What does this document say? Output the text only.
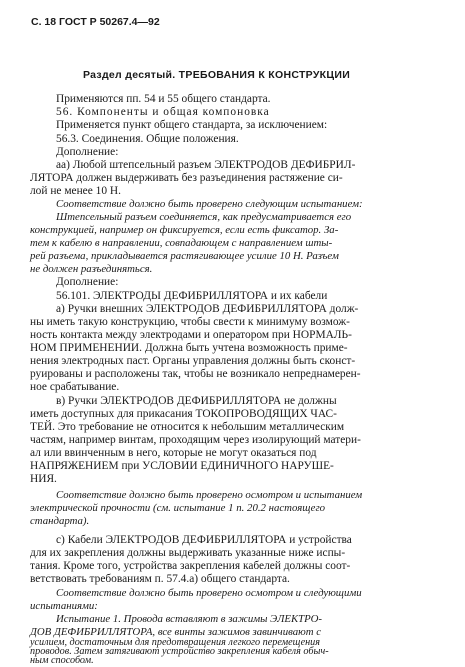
С. 18 ГОСТ Р 50267.4—92
Раздел десятый. ТРЕБОВАНИЯ К КОНСТРУКЦИИ
Применяются пп. 54 и 55 общего стандарта.
56. Компоненты и общая компоновка
Применяется пункт общего стандарта, за исключением:
56.3. Соединения. Общие положения.
Дополнение:
аа) Любой штепсельный разъем ЭЛЕКТРОДОВ ДЕФИБРИЛ-
ЛЯТОРА должен выдерживать без разъединения растяжение си-
лой не менее 10 Н.
Соответствие должно быть проверено следующим испытанием:
Штепсельный разъем соединяется, как предусматривается его
конструкцией, например он фиксируется, если есть фиксатор. За-
тем к кабелю в направлении, совпадающем с направлением шты-
рей разъема, прикладывается растягивающее усилие 10 Н. Разъем
не должен разъединяться.
Дополнение:
56.101. ЭЛЕКТРОДЫ ДЕФИБРИЛЛЯТОРА и их кабели
а) Ручки внешних ЭЛЕКТРОДОВ ДЕФИБРИЛЛЯТОРА долж-
ны иметь такую конструкцию, чтобы свести к минимуму возмож-
ность контакта между электродами и оператором при НОРМАЛЬ-
НОМ ПРИМЕНЕНИИ. Должна быть учтена возможность приме-
нения электродных паст. Органы управления должны быть сконст-
руированы и расположены так, чтобы не возникало непреднамерен-
ное срабатывание.
в) Ручки ЭЛЕКТРОДОВ ДЕФИБРИЛЛЯТОРА не должны
иметь доступных для прикасания ТОКОПРОВОДЯЩИХ ЧАС-
ТЕЙ. Это требование не относится к небольшим металлическим
частям, например винтам, проходящим через изолирующий матери-
ал или ввинченным в него, которые не могут оказаться под
НАПРЯЖЕНИЕМ при УСЛОВИИ ЕДИНИЧНОГО НАРУШЕ-
НИЯ.
Соответствие должно быть проверено осмотром и испытанием
электрической прочности (см. испытание 1 п. 20.2 настоящего
стандарта).
с) Кабели ЭЛЕКТРОДОВ ДЕФИБРИЛЛЯТОРА и устройства
для их закрепления должны выдерживать указанные ниже испы-
тания. Кроме того, устройства закрепления кабелей должны соот-
ветствовать требованиям п. 57.4.а) общего стандарта.
Соответствие должно быть проверено осмотром и следующими
испытаниями:
Испытание 1. Провода вставляют в зажимы ЭЛЕКТРО-
ДОВ ДЕФИБРИЛЛЯТОРА, все винты зажимов завинчивают с
усилием, достаточным для предотвращения легкого перемещения
проводов. Затем затягивают устройство закрепления кабеля обыч-
ным способом.
